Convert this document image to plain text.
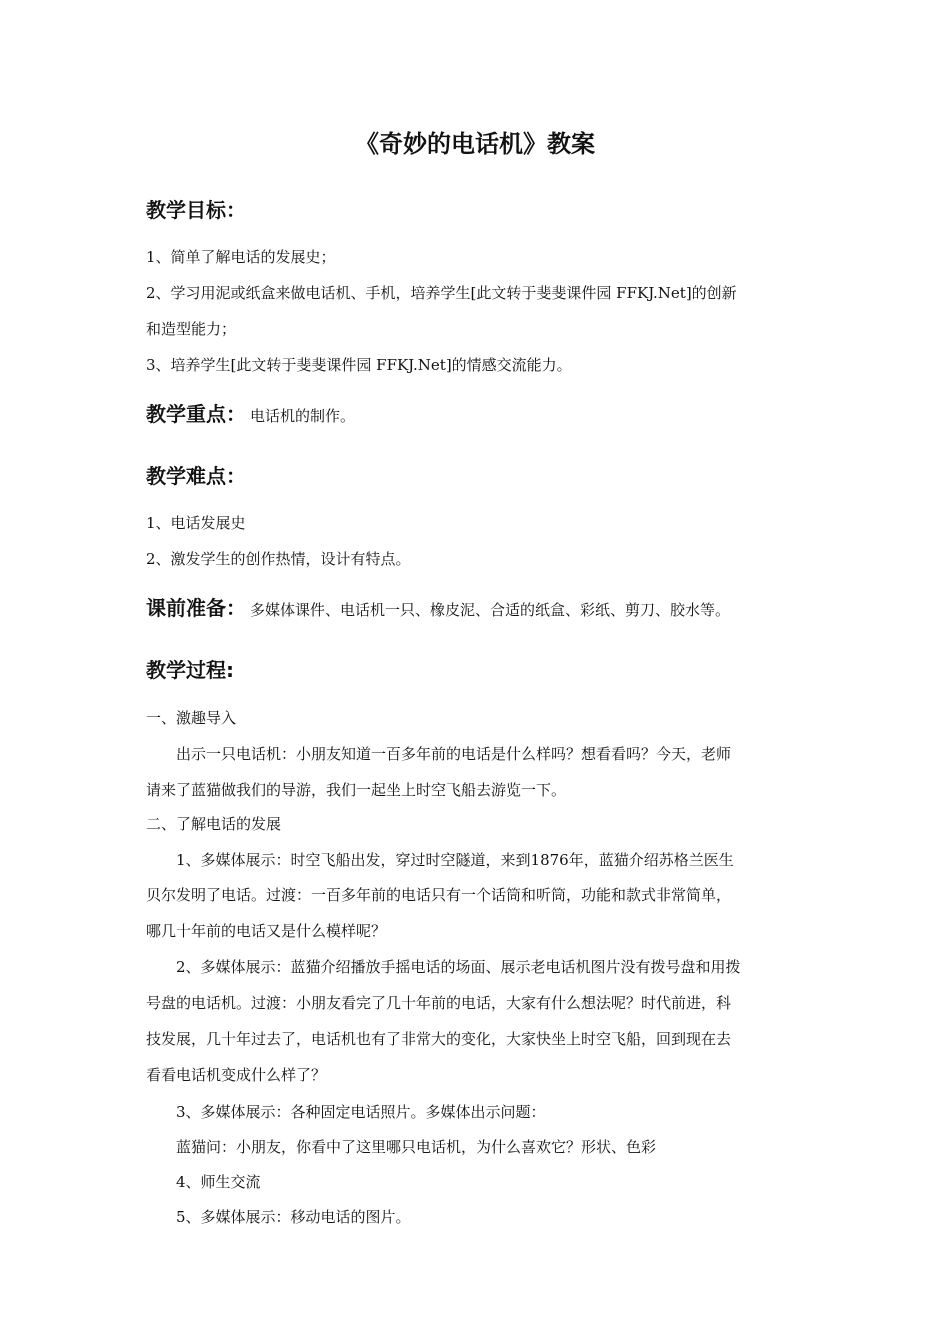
《奇妙的电话机》教案
教学目标：
1、简单了解电话的发展史；
2、学习用泥或纸盒来做电话机、手机，培养学生[此文转于斐斐课件园 FFKJ.Net]的创新
和造型能力；
3、培养学生[此文转于斐斐课件园 FFKJ.Net]的情感交流能力。
教学重点： 电话机的制作。
教学难点：
1、电话发展史
2、激发学生的创作热情，设计有特点。
课前准备： 多媒体课件、电话机一只、橡皮泥、合适的纸盒、彩纸、剪刀、胶水等。
教学过程:
一、激趣导入
出示一只电话机：小朋友知道一百多年前的电话是什么样吗？想看看吗？今天，老师
请来了蓝猫做我们的导游，我们一起坐上时空飞船去游览一下。
二、了解电话的发展
1、多媒体展示：时空飞船出发，穿过时空隧道，来到1876年，蓝猫介绍苏格兰医生
贝尔发明了电话。过渡：一百多年前的电话只有一个话筒和听筒，功能和款式非常简单，
哪几十年前的电话又是什么模样呢？
2、多媒体展示：蓝猫介绍播放手摇电话的场面、展示老电话机图片没有拨号盘和用拨
号盘的电话机。过渡：小朋友看完了几十年前的电话，大家有什么想法呢？时代前进，科
技发展，几十年过去了，电话机也有了非常大的变化，大家快坐上时空飞船，回到现在去
看看电话机变成什么样了？
3、多媒体展示：各种固定电话照片。多媒体出示问题：
蓝猫问：小朋友，你看中了这里哪只电话机，为什么喜欢它？形状、色彩
4、师生交流
5、多媒体展示：移动电话的图片。
